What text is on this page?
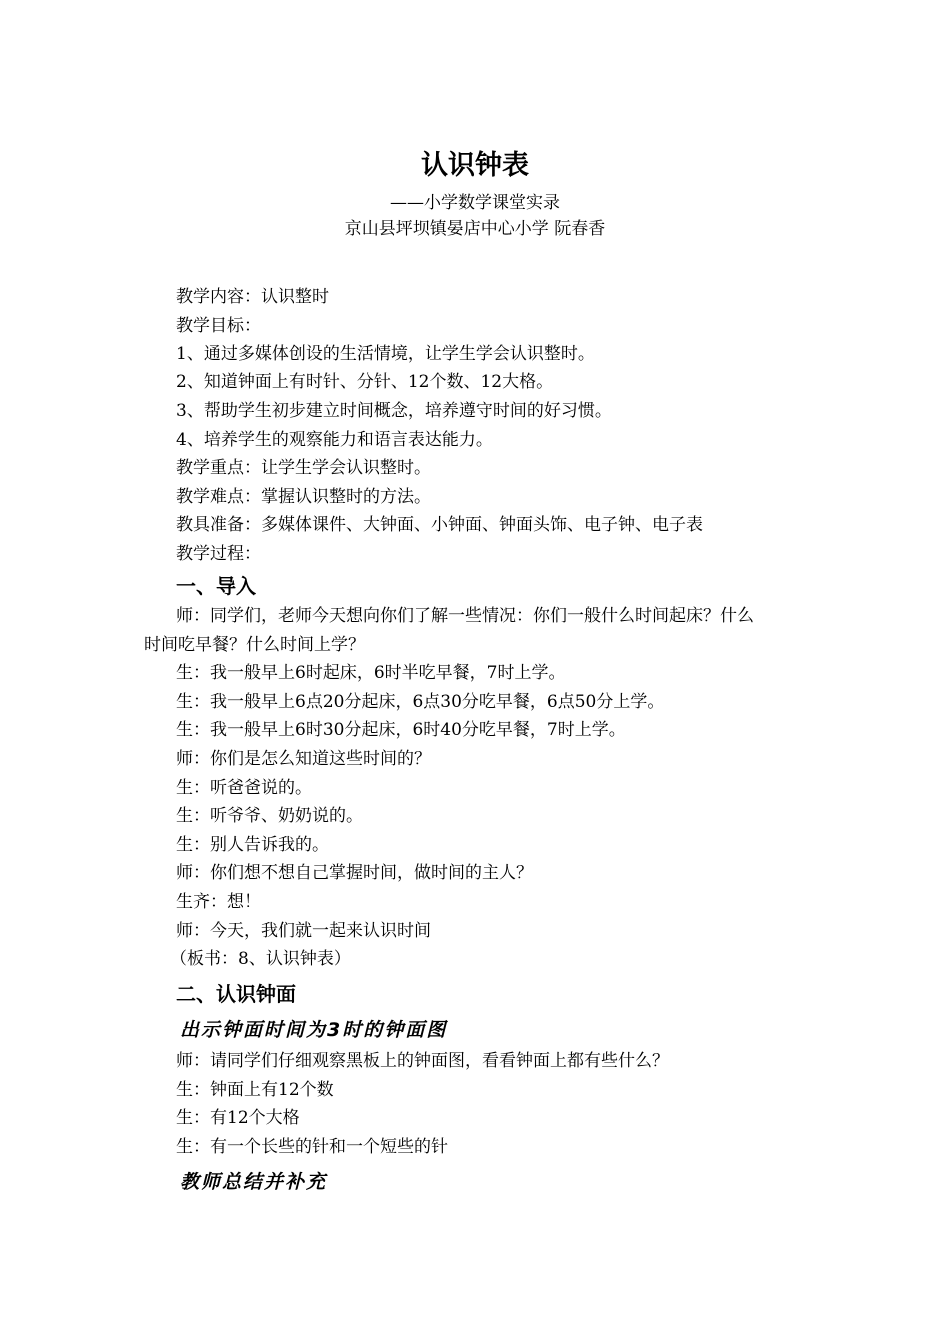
认识钟表
——小学数学课堂实录
京山县坪坝镇晏店中心小学 阮春香
教学内容：认识整时
教学目标：
1、通过多媒体创设的生活情境，让学生学会认识整时。
2、知道钟面上有时针、分针、12个数、12大格。
3、帮助学生初步建立时间概念，培养遵守时间的好习惯。
4、培养学生的观察能力和语言表达能力。
教学重点：让学生学会认识整时。
教学难点：掌握认识整时的方法。
教具准备：多媒体课件、大钟面、小钟面、钟面头饰、电子钟、电子表
教学过程：
一、导入
师：同学们，老师今天想向你们了解一些情况：你们一般什么时间起床？什么
时间吃早餐？什么时间上学？
生：我一般早上6时起床，6时半吃早餐，7时上学。
生：我一般早上6点20分起床，6点30分吃早餐，6点50分上学。
生：我一般早上6时30分起床，6时40分吃早餐，7时上学。
师：你们是怎么知道这些时间的？
生：听爸爸说的。
生：听爷爷、奶奶说的。
生：别人告诉我的。
师：你们想不想自己掌握时间，做时间的主人？
生齐：想！
师：今天，我们就一起来认识时间
（板书：8、认识钟表）
二、认识钟面
出示钟面时间为3时的钟面图
师：请同学们仔细观察黑板上的钟面图，看看钟面上都有些什么？
生：钟面上有12个数
生：有12个大格
生：有一个长些的针和一个短些的针
教师总结并补充
